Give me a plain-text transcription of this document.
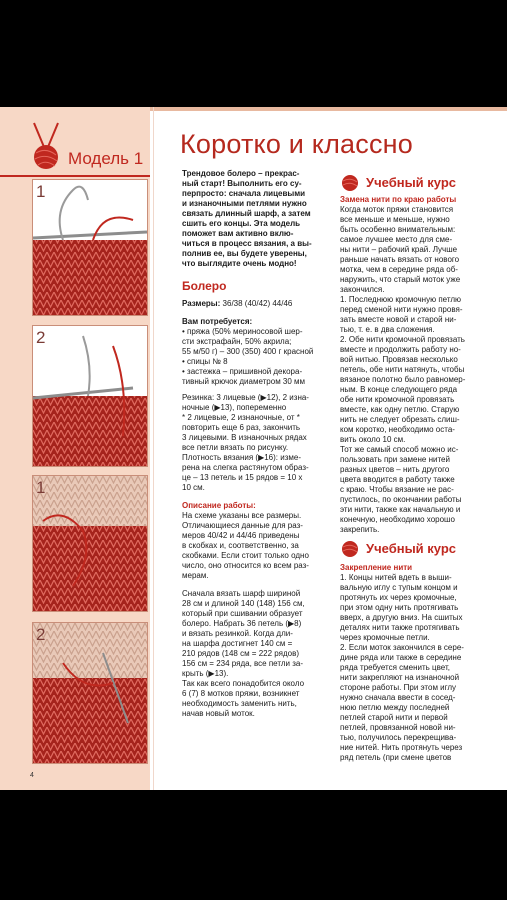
Модель 1
1
2
1
2
Коротко и классно

Трендовое болеро – прекрас-

ный старт! Выполнить его су-

перпросто: сначала лицевыми

и изнаночными петлями нужно

связать длинный шарф, а затем

сшить его концы. Эта модель

поможет вам активно вклю-

читься в процесс вязания, а вы-

полнив ее, вы будете уверены,

что выглядите очень модно!

Болеро

Размеры: 36/38 (40/42) 44/46

Вам потребуется:

• пряжа (50% мериносовой шер-

сти экстрафайн, 50% акрила;

55 м/50 г) – 300 (350) 400 г красной

• спицы № 8

• застежка – пришивной декора-

тивный крючок диаметром 30 мм

Резинка: 3 лицевые (▶12), 2 изна-

ночные (▶13), попеременно

* 2 лицевые, 2 изнаночные, от *

повторить еще 6 раз, закончить

3 лицевыми. В изнаночных рядах

все петли вязать по рисунку.

Плотность вязания (▶16): изме-

рена на слегка растянутом образ-

це – 13 петель и 15 рядов = 10 х

10 см.

Описание работы:

На схеме указаны все размеры.

Отличающиеся данные для раз-

меров 40/42 и 44/46 приведены

в скобках и, соответственно, за

скобками. Если стоит только одно

число, оно относится ко всем раз-

мерам.

Сначала вязать шарф шириной

28 см и длиной 140 (148) 156 см,

который при сшивании образует

болеро. Набрать 36 петель (▶8)

и вязать резинкой. Когда дли-

на шарфа достигнет 140 см =

210 рядов (148 см = 222 рядов)

156 см = 234 ряда, все петли за-

крыть (▶13).

Так как всего понадобится около

6 (7) 8 мотков пряжи, возникнет

необходимость заменить нить,

начав новый моток.

Учебный курс

Замена нити по краю работы

Когда моток пряжи становится

все меньше и меньше, нужно

быть особенно внимательным:

самое лучшее место для сме-

ны нити – рабочий край. Лучше

раньше начать вязать от нового

мотка, чем в середине ряда об-

наружить, что старый моток уже

закончился.

1. Последнюю кромочную петлю

перед сменой нити нужно провя-

зать вместе новой и старой ни-

тью, т. е. в два сложения.

2. Обе нити кромочной провязать

вместе и продолжить работу но-

вой нитью. Провязав несколько

петель, обе нити натянуть, чтобы

вязаное полотно было равномер-

ным. В конце следующего ряда

обе нити кромочной провязать

вместе, как одну петлю. Старую

нить не следует обрезать слиш-

ком коротко, необходимо оста-

вить около 10 см.

Тот же самый способ можно ис-

пользовать при замене нитей

разных цветов – нить другого

цвета вводится в работу также

с краю. Чтобы вязание не рас-

пустилось, по окончании работы

эти нити, также как начальную и

конечную, необходимо хорошо

закрепить.

Учебный курс

Закрепление нити

1. Концы нитей вдеть в выши-

вальную иглу с тупым концом и

протянуть их через кромочные,

при этом одну нить протягивать

вверх, а другую вниз. На сшитых

деталях нити также протягивать

через кромочные петли.

2. Если моток закончился в сере-

дине ряда или также в середине

ряда требуется сменить цвет,

нити закрепляют на изнаночной

стороне работы. При этом иглу

нужно сначала ввести в сосед-

нюю петлю между последней

петлей старой нити и первой

петлей, провязанной новой ни-

тью, получилось перекрещива-

ние нитей. Нить протянуть через

ряд петель (при смене цветов

4
